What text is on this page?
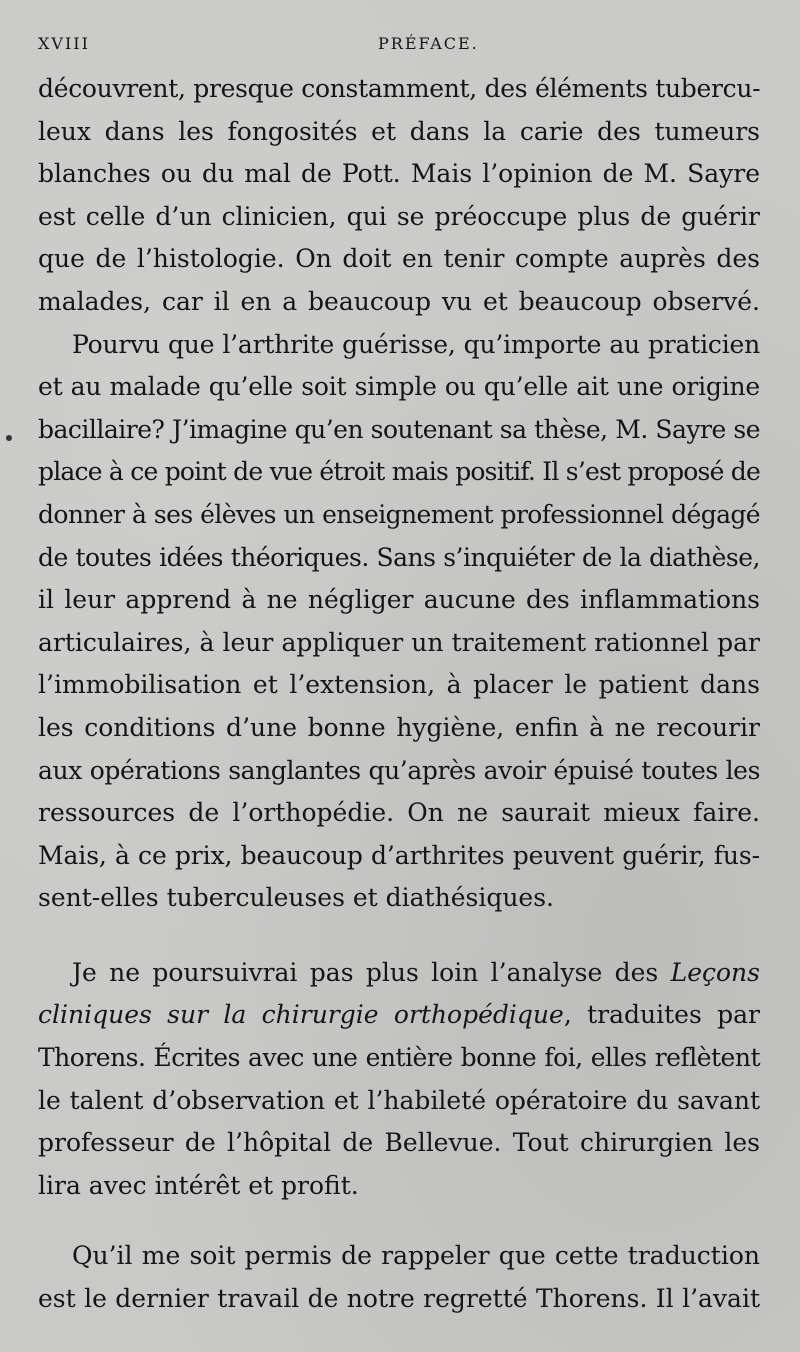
XVIII	PRÉFACE.
découvrent, presque constamment, des éléments tubercu-
leux dans les fongosités et dans la carie des tumeurs
blanches ou du mal de Pott. Mais l’opinion de M. Sayre
est celle d’un clinicien, qui se préoccupe plus de guérir
que de l’histologie. On doit en tenir compte auprès des
malades, car il en a beaucoup vu et beaucoup observé.
Pourvu que l’arthrite guérisse, qu’importe au praticien
et au malade qu’elle soit simple ou qu’elle ait une origine
bacillaire? J’imagine qu’en soutenant sa thèse, M. Sayre se
place à ce point de vue étroit mais positif. Il s’est proposé de
donner à ses élèves un enseignement professionnel dégagé
de toutes idées théoriques. Sans s’inquiéter de la diathèse,
il leur apprend à ne négliger aucune des inflammations
articulaires, à leur appliquer un traitement rationnel par
l’immobilisation et l’extension, à placer le patient dans
les conditions d’une bonne hygiène, enfin à ne recourir
aux opérations sanglantes qu’après avoir épuisé toutes les
ressources de l’orthopédie. On ne saurait mieux faire.
Mais, à ce prix, beaucoup d’arthrites peuvent guérir, fus-
sent-elles tuberculeuses et diathésiques.
Je ne poursuivrai pas plus loin l’analyse des Leçons
cliniques sur la chirurgie orthopédique, traduites par
Thorens. Écrites avec une entière bonne foi, elles reflètent
le talent d’observation et l’habileté opératoire du savant
professeur de l’hôpital de Bellevue. Tout chirurgien les
lira avec intérêt et profit.
Qu’il me soit permis de rappeler que cette traduction
est le dernier travail de notre regretté Thorens. Il l’avait
